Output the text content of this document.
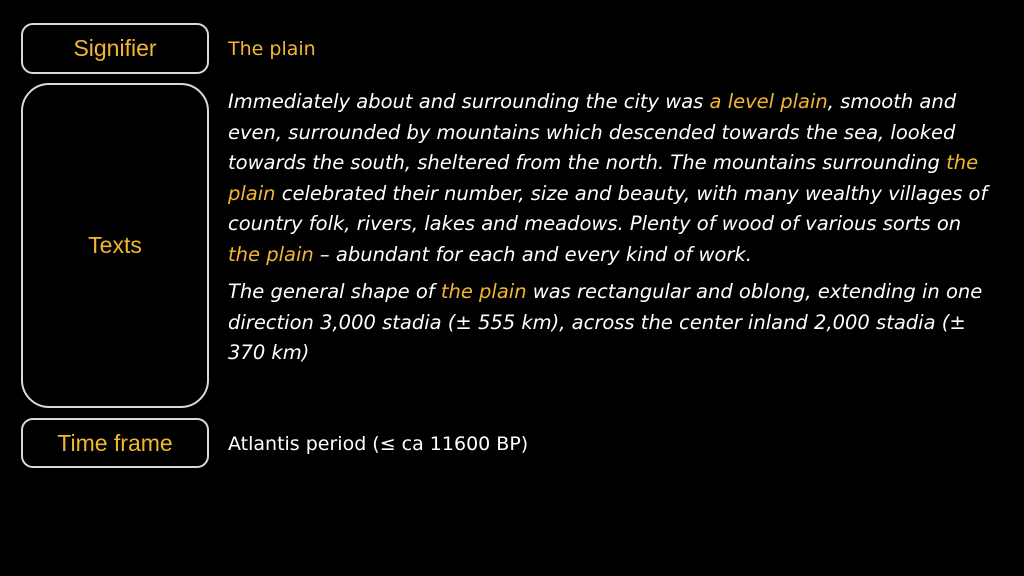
Signifier	The plain
Texts

Immediately about and surrounding the city was a level plain, smooth and even, surrounded by mountains which descended towards the sea, looked towards the south, sheltered from the north. The mountains surrounding the plain celebrated their number, size and beauty, with many wealthy villages of country folk, rivers, lakes and meadows. Plenty of wood of various sorts on the plain – abundant for each and every kind of work.

The general shape of the plain was rectangular and oblong, extending in one direction 3,000 stadia (± 555 km), across the center inland 2,000 stadia (± 370 km)

Time frame	Atlantis period (≤ ca 11600 BP)
